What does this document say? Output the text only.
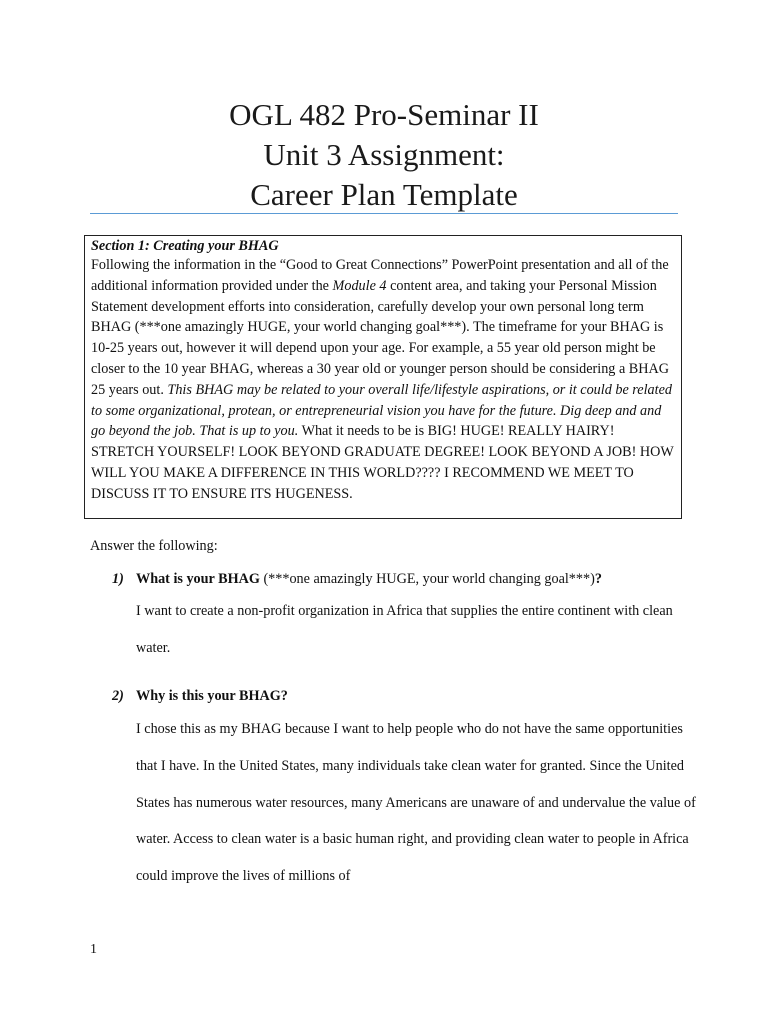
OGL 482 Pro-Seminar II
Unit 3 Assignment:
Career Plan Template
Section 1: Creating your BHAG
Following the information in the “Good to Great Connections” PowerPoint presentation and all of the additional information provided under the Module 4 content area, and taking your Personal Mission Statement development efforts into consideration, carefully develop your own personal long term BHAG (***one amazingly HUGE, your world changing goal***). The timeframe for your BHAG is 10-25 years out, however it will depend upon your age. For example, a 55 year old person might be closer to the 10 year BHAG, whereas a 30 year old or younger person should be considering a BHAG 25 years out. This BHAG may be related to your overall life/lifestyle aspirations, or it could be related to some organizational, protean, or entrepreneurial vision you have for the future. Dig deep and and go beyond the job. That is up to you. What it needs to be is BIG! HUGE! REALLY HAIRY! STRETCH YOURSELF! LOOK BEYOND GRADUATE DEGREE! LOOK BEYOND A JOB! HOW WILL YOU MAKE A DIFFERENCE IN THIS WORLD???? I RECOMMEND WE MEET TO DISCUSS IT TO ENSURE ITS HUGENESS.
Answer the following:
1) What is your BHAG (***one amazingly HUGE, your world changing goal***)?
I want to create a non-profit organization in Africa that supplies the entire continent with clean water.
2) Why is this your BHAG?
I chose this as my BHAG because I want to help people who do not have the same opportunities that I have. In the United States, many individuals take clean water for granted. Since the United States has numerous water resources, many Americans are unaware of and undervalue the value of water. Access to clean water is a basic human right, and providing clean water to people in Africa could improve the lives of millions of
1
